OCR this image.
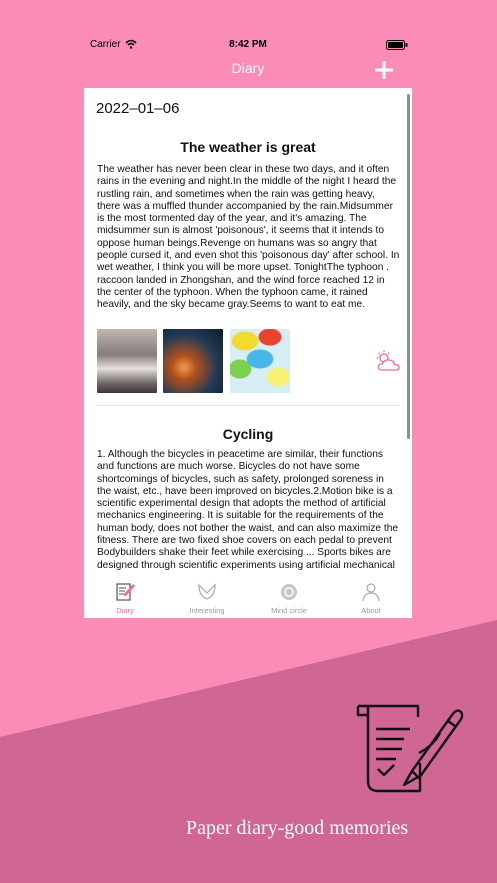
Carrier	8:42 PM
Diary
2022–01–06
The weather is great
The weather has never been clear in these two days, and it often rains in the evening and night.In the middle of the night I heard the rustling rain, and sometimes when the rain was getting heavy, there was a muffled thunder accompanied by the rain.Midsummer is the most tormented day of the year, and it's amazing. The midsummer sun is almost 'poisonous', it seems that it intends to oppose human beings.Revenge on humans was so angry that people cursed it, and even shot this 'poisonous day' after school. In wet weather, I think you will be more upset. TonightThe typhoon . raccoon landed in Zhongshan, and the wind force reached 12 in the center of the typhoon. When the typhoon came, it rained heavily, and the sky became gray.Seems to want to eat me.
Cycling
1. Although the bicycles in peacetime are similar, their functions and functions are much worse. Bicycles do not have some shortcomings of bicycles, such as safety, prolonged soreness in the waist, etc., have been improved on bicycles.2.Motion bike is a scientific experimental design that adopts the method of artificial mechanics engineering. It is suitable for the requirements of the human body, does not bother the waist, and can also maximize the fitness. There are two fixed shoe covers on each pedal to prevent Bodybuilders shake their feet while exercising ... Sports bikes are designed through scientific experiments using artificial mechanical
Diary	Interesting	Mind circle	About
Paper diary-good memories
